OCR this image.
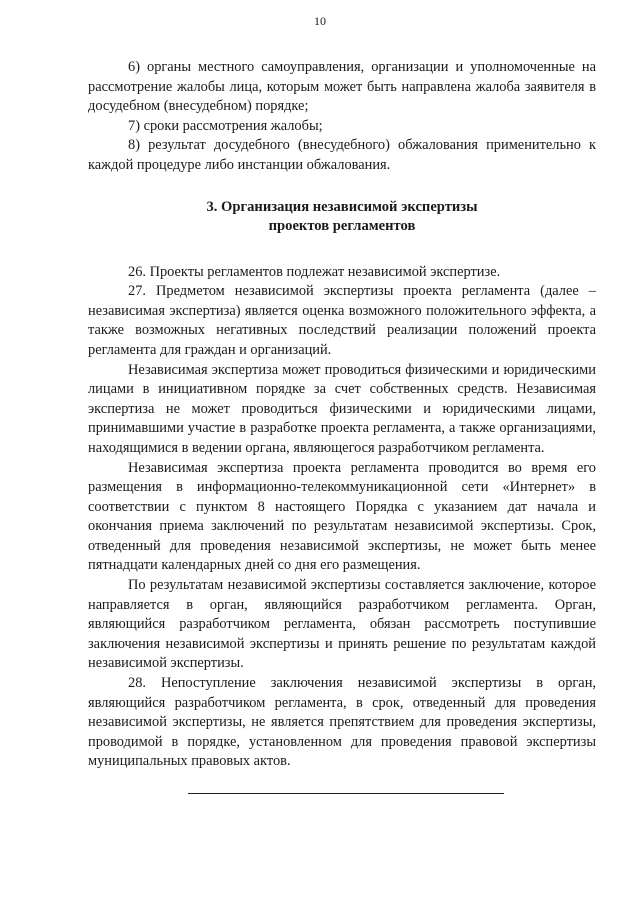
10

6) органы местного самоуправления, организации и уполномоченные на рассмотрение жалобы лица, которым может быть направлена жалоба заявителя в досудебном (внесудебном) порядке;

7) сроки рассмотрения жалобы;

8) результат досудебного (внесудебного) обжалования применительно к каждой процедуре либо инстанции обжалования.

3. Организация независимой экспертизы
проектов регламентов

26. Проекты регламентов подлежат независимой экспертизе.

27. Предметом независимой экспертизы проекта регламента (далее – независимая экспертиза) является оценка возможного положительного эффекта, а также возможных негативных последствий реализации положений проекта регламента для граждан и организаций.

Независимая экспертиза может проводиться физическими и юридическими лицами в инициативном порядке за счет собственных средств. Независимая экспертиза не может проводиться физическими и юридическими лицами, принимавшими участие в разработке проекта регламента, а также организациями, находящимися в ведении органа, являющегося разработчиком регламента.

Независимая экспертиза проекта регламента проводится во время его размещения в информационно-телекоммуникационной сети «Интернет» в соответствии с пунктом 8 настоящего Порядка с указанием дат начала и окончания приема заключений по результатам независимой экспертизы. Срок, отведенный для проведения независимой экспертизы, не может быть менее пятнадцати календарных дней со дня его размещения.

По результатам независимой экспертизы составляется заключение, которое направляется в орган, являющийся разработчиком регламента. Орган, являющийся разработчиком регламента, обязан рассмотреть поступившие заключения независимой экспертизы и принять решение по результатам каждой независимой экспертизы.

28. Непоступление заключения независимой экспертизы в орган, являющийся разработчиком регламента, в срок, отведенный для проведения независимой экспертизы, не является препятствием для проведения экспертизы, проводимой в порядке, установленном для проведения правовой экспертизы муниципальных правовых актов.
